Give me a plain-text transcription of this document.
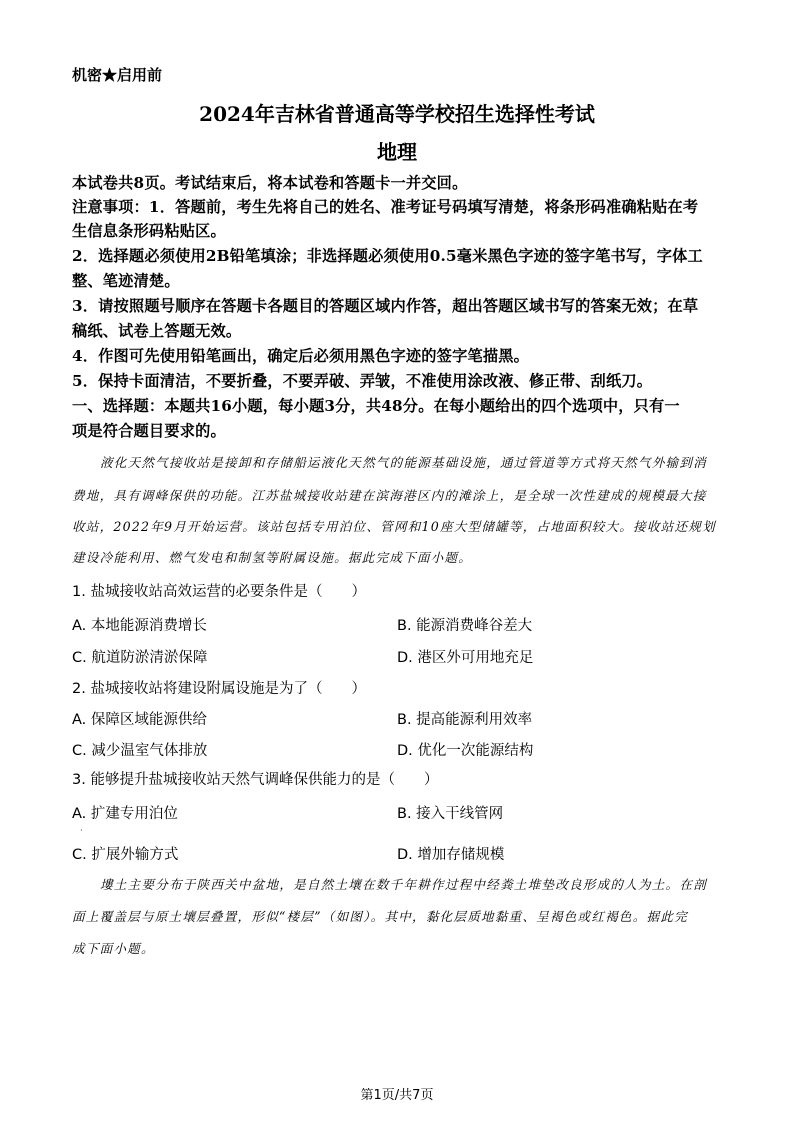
机密★启用前
2024年吉林省普通高等学校招生选择性考试
地理
本试卷共8页。考试结束后，将本试卷和答题卡一并交回。
注意事项：1．答题前，考生先将自己的姓名、准考证号码填写清楚，将条形码准确粘贴在考
生信息条形码粘贴区。
2．选择题必须使用2B铅笔填涂；非选择题必须使用0.5毫米黑色字迹的签字笔书写，字体工
整、笔迹清楚。
3．请按照题号顺序在答题卡各题目的答题区域内作答，超出答题区域书写的答案无效；在草
稿纸、试卷上答题无效。
4．作图可先使用铅笔画出，确定后必须用黑色字迹的签字笔描黑。
5．保持卡面清洁，不要折叠，不要弄破、弄皱，不准使用涂改液、修正带、刮纸刀。
一、选择题：本题共16小题，每小题3分，共48分。在每小题给出的四个选项中，只有一
项是符合题目要求的。
液化天然气接收站是接卸和存储船运液化天然气的能源基础设施，通过管道等方式将天然气外输到消
费地，具有调峰保供的功能。江苏盐城接收站建在滨海港区内的滩涂上，是全球一次性建成的规模最大接
收站，2022年9月开始运营。该站包括专用泊位、管网和10座大型储罐等，占地面积较大。接收站还规划
建设冷能利用、燃气发电和制氢等附属设施。据此完成下面小题。
1. 盐城接收站高效运营的必要条件是（　　）
A. 本地能源消费增长	B. 能源消费峰谷差大
C. 航道防淤清淤保障	D. 港区外可用地充足
2. 盐城接收站将建设附属设施是为了（　　）
A. 保障区域能源供给	B. 提高能源利用效率
C. 减少温室气体排放	D. 优化一次能源结构
3. 能够提升盐城接收站天然气调峰保供能力的是（　　）
A. 扩建专用泊位	B. 接入干线管网
·
C. 扩展外输方式	D. 增加存储规模
塿土主要分布于陕西关中盆地，是自然土壤在数千年耕作过程中经粪土堆垫改良形成的人为土。在剖
面上覆盖层与原土壤层叠置，形似“楼层”（如图）。其中，黏化层质地黏重、呈褐色或红褐色。据此完
成下面小题。
第1页/共7页
